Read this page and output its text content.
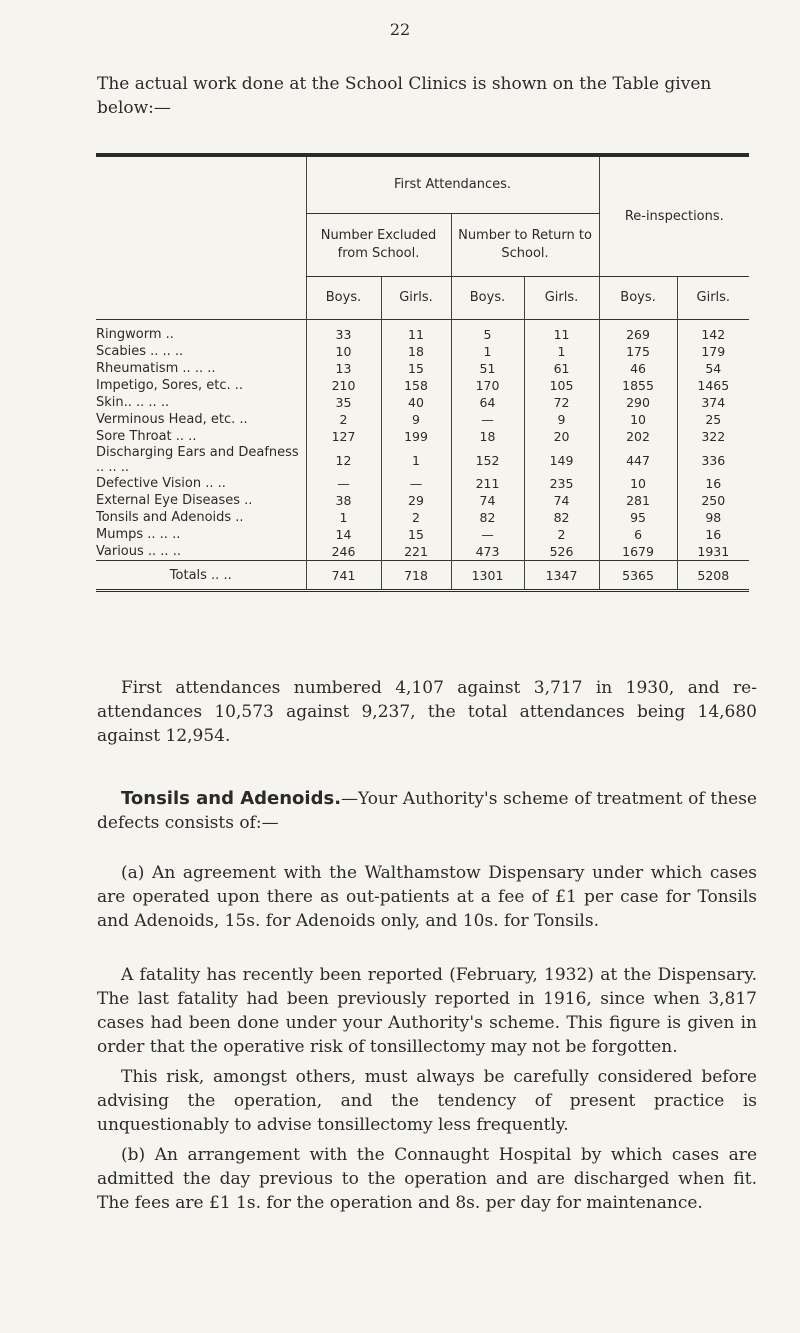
22
The actual work done at the School Clinics is shown on the Table given below:—
	First Attendances.				Re-inspections.	
	Number Excluded from School.		Number to Return to School.			
	Boys.	Girls.	Boys.	Girls.	Boys.	Girls.
Ringworm ..	33	11	5	11	269	142
Scabies .. .. ..	10	18	1	1	175	179
Rheumatism .. .. ..	13	15	51	61	46	54
Impetigo, Sores, etc. ..	210	158	170	105	1855	1465
Skin.. .. .. ..	35	40	64	72	290	374
Verminous Head, etc. ..	2	9	—	9	10	25
Sore Throat .. ..	127	199	18	20	202	322
Discharging Ears and Deafness .. .. ..	12	1	152	149	447	336
Defective Vision .. ..	—	—	211	235	10	16
External Eye Diseases ..	38	29	74	74	281	250
Tonsils and Adenoids ..	1	2	82	82	95	98
Mumps .. .. ..	14	15	—	2	6	16
Various .. .. ..	246	221	473	526	1679	1931
Totals .. ..	741	718	1301	1347	5365	5208

First attendances numbered 4,107 against 3,717 in 1930, and re-attendances 10,573 against 9,237, the total attendances being 14,680 against 12,954.

Tonsils and Adenoids.—Your Authority's scheme of treatment of these defects consists of:—

(a) An agreement with the Walthamstow Dispensary under which cases are operated upon there as out-patients at a fee of £1 per case for Tonsils and Adenoids, 15s. for Adenoids only, and 10s. for Tonsils.

A fatality has recently been reported (February, 1932) at the Dispensary. The last fatality had been previously reported in 1916, since when 3,817 cases had been done under your Authority's scheme. This figure is given in order that the operative risk of tonsillectomy may not be forgotten.

This risk, amongst others, must always be carefully considered before advising the operation, and the tendency of present practice is unquestionably to advise tonsillectomy less frequently.

(b) An arrangement with the Connaught Hospital by which cases are admitted the day previous to the operation and are discharged when fit. The fees are £1 1s. for the operation and 8s. per day for maintenance.
